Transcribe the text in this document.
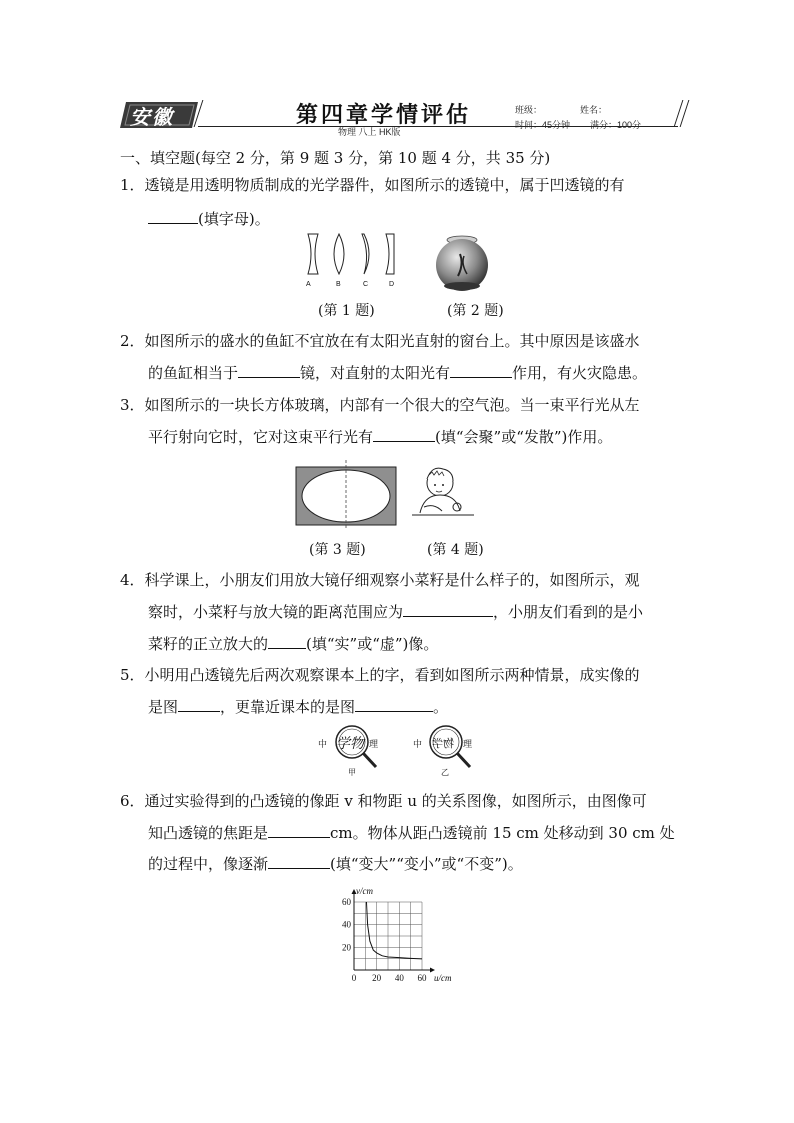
安徽	第四章学情评估
物理 八上 HK版
班级：	姓名：
时间：45分钟 满分：100分
一、填空题(每空 2 分，第 9 题 3 分，第 10 题 4 分，共 35 分)
1．透镜是用透明物质制成的光学器件，如图所示的透镜中，属于凹透镜的有
(填字母)。
A	B	C	D
(第 1 题)	(第 2 题)
2．如图所示的盛水的鱼缸不宜放在有太阳光直射的窗台上。其中原因是该盛水
的鱼缸相当于	镜，对直射的太阳光有	作用，有火灾隐患。
3．如图所示的一块长方体玻璃，内部有一个很大的空气泡。当一束平行光从左
平行射向它时，它对这束平行光有	(填“会聚”或“发散”)作用。
(第 3 题)	(第 4 题)
4．科学课上，小朋友们用放大镜仔细观察小菜籽是什么样子的，如图所示，观
察时，小菜籽与放大镜的距离范围应为	，小朋友们看到的是小
菜籽的正立放大的	(填“实”或“虚”)像。
5．小明用凸透镜先后两次观察课本上的字，看到如图所示两种情景，成实像的
是图	，更靠近课本的是图	。
中 学物 理
甲
中 物学 理
乙
6．通过实验得到的凸透镜的像距 v 和物距 u 的关系图像，如图所示，由图像可
知凸透镜的焦距是	cm。物体从距凸透镜前 15 cm 处移动到 30 cm 处
的过程中，像逐渐	(填“变大”“变小”或“不变”)。
0 20 40 60
20
40
60
u/cm
v/cm
